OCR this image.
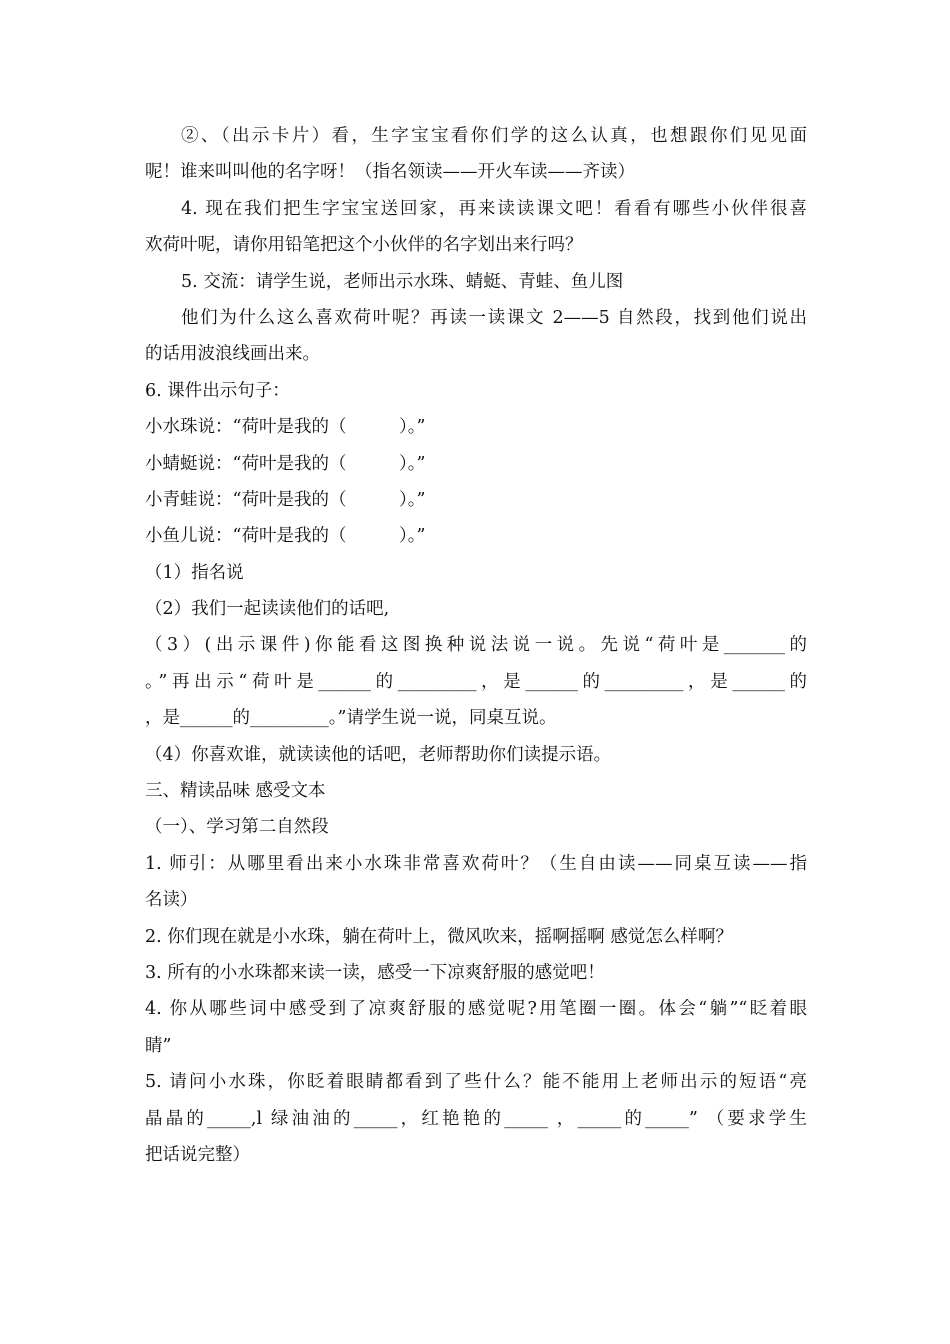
②、（出示卡片）看，生字宝宝看你们学的这么认真，也想跟你们见见面
呢！谁来叫叫他的名字呀！（指名领读——开火车读——齐读）
4. 现在我们把生字宝宝送回家，再来读读课文吧！看看有哪些小伙伴很喜
欢荷叶呢，请你用铅笔把这个小伙伴的名字划出来行吗？
5. 交流：请学生说，老师出示水珠、蜻蜓、青蛙、鱼儿图
他们为什么这么喜欢荷叶呢？再读一读课文 2——5 自然段，找到他们说出
的话用波浪线画出来。
6. 课件出示句子：
小水珠说：“荷叶是我的（　　　）。”
小蜻蜓说：“荷叶是我的（　　　）。”
小青蛙说：“荷叶是我的（　　　）。”
小鱼儿说：“荷叶是我的（　　　）。”
（1）指名说
（2）我们一起读读他们的话吧,
（3）(出示课件)你能看这图换种说法说一说。先说“荷叶是_______的
。”再出示“荷叶是______的_________，是______的_________，是______的
，是______的_________。”请学生说一说，同桌互说。
（4）你喜欢谁，就读读他的话吧，老师帮助你们读提示语。
三、精读品味 感受文本
（一）、学习第二自然段
1. 师引：从哪里看出来小水珠非常喜欢荷叶？（生自由读——同桌互读——指
名读）
2. 你们现在就是小水珠，躺在荷叶上，微风吹来，摇啊摇啊 感觉怎么样啊？
3. 所有的小水珠都来读一读，感受一下凉爽舒服的感觉吧！
4. 你从哪些词中感受到了凉爽舒服的感觉呢?用笔圈一圈。体会“躺”“眨着眼
睛”
5. 请问小水珠，你眨着眼睛都看到了些什么？能不能用上老师出示的短语“亮
晶晶的_____,l 绿油油的_____，红艳艳的_____ ，_____的_____” （要求学生
把话说完整）
